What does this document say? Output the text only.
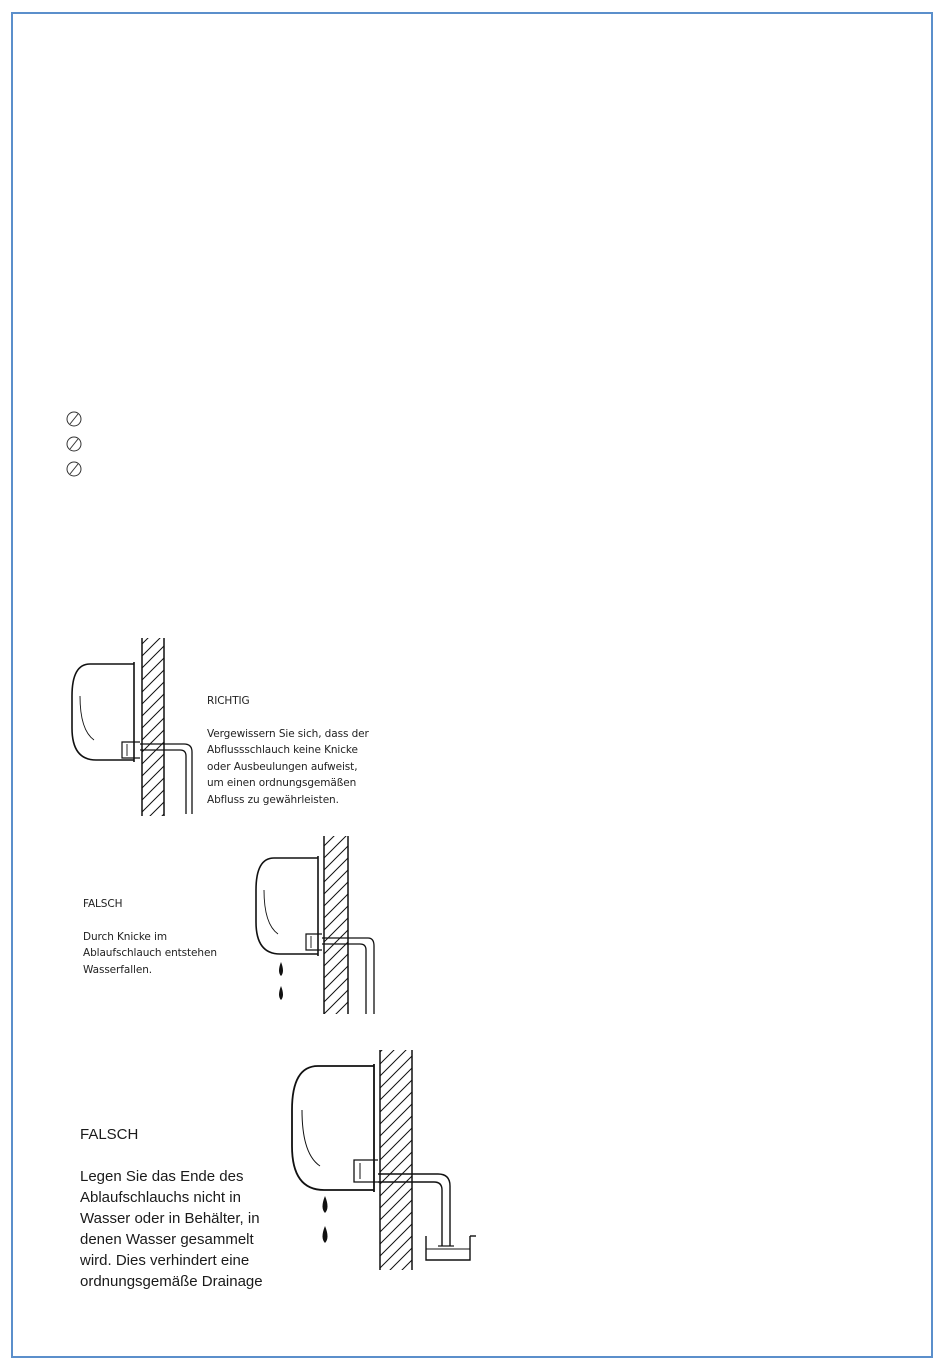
RICHTIG

Vergewissern Sie sich, dass der
Abflussschlauch keine Knicke
oder Ausbeulungen aufweist,
um einen ordnungsgemäßen
Abfluss zu gewährleisten.

FALSCH

Durch Knicke im
Ablaufschlauch entstehen
Wasserfallen.

FALSCH

Legen Sie das Ende des
Ablaufschlauchs nicht in
Wasser oder in Behälter, in
denen Wasser gesammelt
wird. Dies verhindert eine
ordnungsgemäße Drainage
